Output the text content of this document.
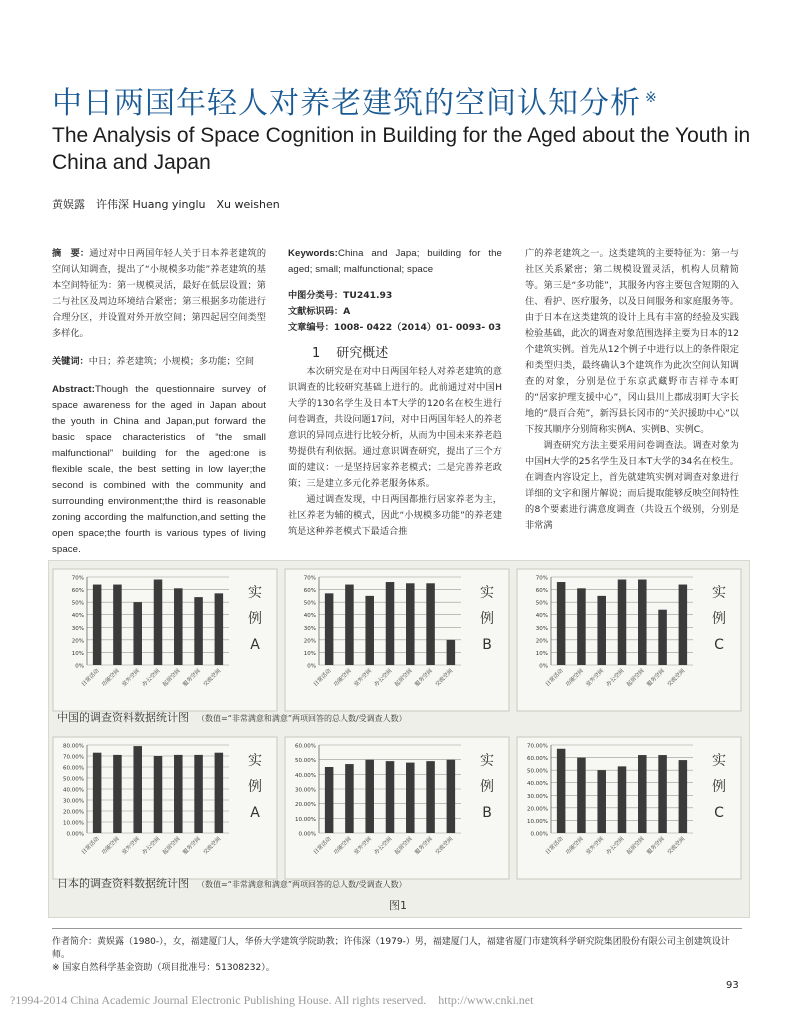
中日两国年轻人对养老建筑的空间认知分析 ※
The Analysis of Space Cognition in Building for the Aged about the Youth in China and Japan
黄娱露　许伟深 Huang yinglu　Xu weishen

摘　要：通过对中日两国年轻人关于日本养老建筑的空间认知调查，提出了“小规模多功能”养老建筑的基本空间特征为：第一规模灵活，最好在低层设置；第二与社区及周边环境结合紧密；第三根据多功能进行合理分区，并设置对外开放空间；第四起居空间类型多样化。

关键词：中日；养老建筑；小规模；多功能；空间

Abstract:Though the questionnaire survey of space awareness for the aged in Japan about the youth in China and Japan,put forward the basic space characteristics of “the small malfunctional” building for the aged:one is flexible scale, the best setting in low layer;the second is combined with the community and surrounding environment;the third is reasonable zoning according the malfunction,and setting the open space;the fourth is various types of living space.

Keywords:China and Japa; building for the aged; small; malfunctional; space

中图分类号：TU241.93
文献标识码：A
文章编号：1008- 0422（2014）01- 0093- 03
1 研究概述
本次研究是在对中日两国年轻人对养老建筑的意识调查的比较研究基础上进行的。此前通过对中国H大学的130名学生及日本T大学的120名在校生进行问卷调查，共设问题17问，对中日两国年轻人的养老意识的异同点进行比较分析，从而为中国未来养老趋势提供有利依据。通过意识调查研究，提出了三个方面的建议：一是坚持居家养老模式；二是完善养老政策；三是建立多元化养老服务体系。
通过调查发现，中日两国都推行居家养老为主，社区养老为辅的模式，因此“小规模多功能”的养老建筑是这种养老模式下最适合推
广的养老建筑之一。这类建筑的主要特征为：第一与社区关系紧密；第二规模设置灵活，机构人员精简等。第三是“多功能”，其服务内容主要包含短期的入住、看护、医疗服务，以及日间服务和家庭服务等。由于日本在这类建筑的设计上具有丰富的经验及实践检验基础，此次的调查对象范围选择主要为日本的12个建筑实例。首先从12个例子中进行以上的条件限定和类型归类，最终确认3个建筑作为此次空间认知调查的对象，分别是位于东京武藏野市吉祥寺本町的“居家护理支援中心”，冈山县川上郡成羽町大字长地的“晨百合苑”，新泻县长冈市的“关沢援助中心”以下按其顺序分别简称实例A、实例B、实例C。
调查研究方法主要采用问卷调查法。调查对象为中国H大学的25名学生及日本T大学的34名在校生。在调查内容设定上，首先就建筑实例对调查对象进行详细的文字和图片解说；而后提取能够反映空间特性的8个要素进行满意度调查（共设五个级别，分别是非常满
70%
60%
50%
40%
30%
20%
10%
0%
日常活动 功能空间 室外空间 办公空间 起居空间 服务空间 交流空间
实
例
A
70%
60%
50%
40%
30%
20%
10%
0%
日常活动 功能空间 室外空间 办公空间 起居空间 服务空间 交流空间
实
例
B
70%
60%
50%
40%
30%
20%
10%
0%
日常活动 功能空间 室外空间 办公空间 起居空间 服务空间 交流空间
实
例
C
80.00%
70.00%
60.00%
50.00%
40.00%
30.00%
20.00%
10.00%
0.00%
日常活动 功能空间 室外空间 办公空间 起居空间 服务空间 交流空间
实
例
A
60.00%
50.00%
40.00%
30.00%
20.00%
10.00%
0.00%
日常活动 功能空间 室外空间 办公空间 起居空间 服务空间 交流空间
实
例
B
70.00%
60.00%
50.00%
40.00%
30.00%
20.00%
10.00%
0.00%
日常活动 功能空间 室外空间 办公空间 起居空间 服务空间 交流空间
实
例
C
中国的调查资料数据统计图 （数值=“非常满意和满意”两项回答的总人数/受调查人数）
日本的调查资料数据统计图 （数值=“非常满意和满意”两项回答的总人数/受调查人数）
图1
作者简介：黄娱露（1980-），女，福建厦门人，华侨大学建筑学院助教；许伟深（1979-）男，福建厦门人，福建省厦门市建筑科学研究院集团股份有限公司主创建筑设计师。
※ 国家自然科学基金资助（项目批准号：51308232）。
93
?1994-2014 China Academic Journal Electronic Publishing House. All rights reserved.　http://www.cnki.net
